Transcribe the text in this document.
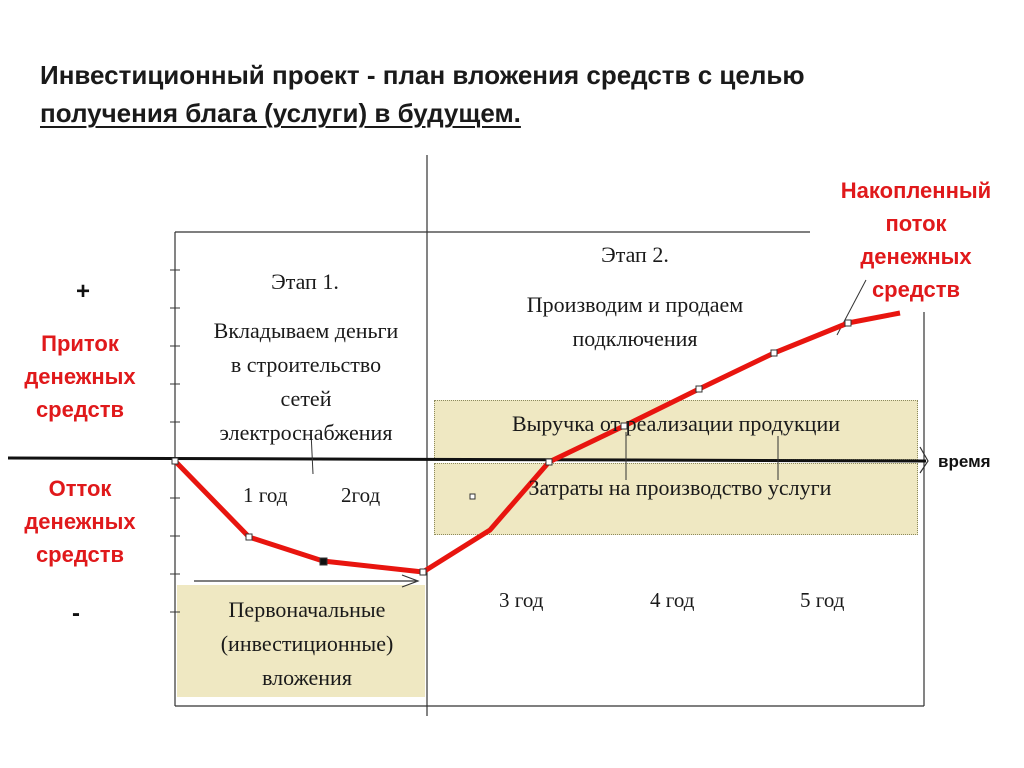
Инвестиционный проект - план вложения средств с целью
получения блага (услуги) в будущем.
+
Приток
денежных
средств
Отток
денежных
средств
-
время
Накопленный
поток
денежных
средств
Этап 1.
Вкладываем деньги
в строительство
сетей
электроснабжения
Этап 2.
Производим и продаем
подключения
Выручка от реализации продукции
Затраты на производство услуги
Первоначальные
(инвестиционные)
вложения
1 год	2год
3 год	4 год	5 год
